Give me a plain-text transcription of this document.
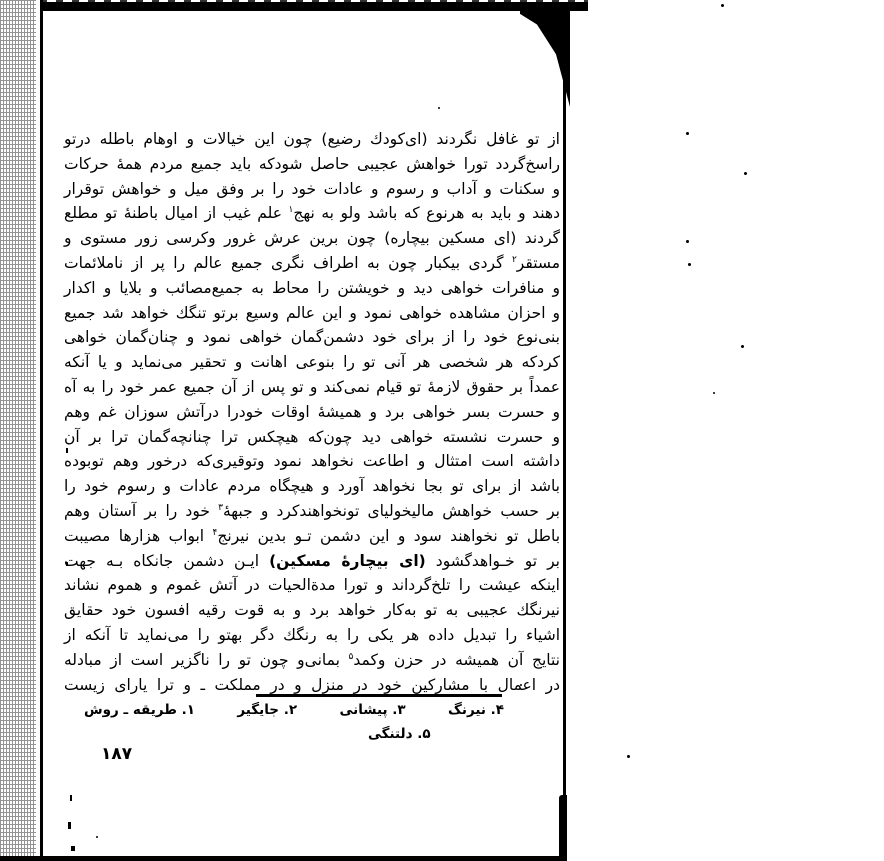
از تو غافل نگردند (ای‌کودك رضیع) چون این خیالات و اوهام باطله درتو
راسخ‌گردد تورا خواهش عجیبی حاصل شودکه باید جمیع مردم همهٔ حرکات
و سکنات و آداب و رسوم و عادات خود را بر وفق میل و خواهش توقرار
دهند و باید به هرنوع که باشد ولو به نهج$^۱$ علم غیب از امیال باطنهٔ تو مطلع
گردند (ای مسکین بیچاره) چون برین عرش غرور وکرسی زور مستوی و
مستقر$^۲$ گردی بیکبار چون به اطراف نگری جمیع عالم را پر از ناملائمات
و منافرات خواهی دید و خویشتن را محاط به جمیع‌مصائب و بلایا و اکدار
و احزان مشاهده خواهی نمود و این عالم وسیع برتو تنگك خواهد شد جمیع
بنی‌نوع خود را از برای خود دشمن‌گمان خواهی نمود و چنان‌گمان خواهی
کردکه هر شخصی هر آنی تو را بنوعی اهانت و تحقیر می‌نماید و یا آنکه
عمداً بر حقوق لازمهٔ تو قیام نمی‌کند و تو پس از آن جمیع عمر خود را به آه
و حسرت بسر خواهی برد و همیشهٔ اوقات خودرا درآتش سوزان غم وهم
و حسرت نشسته خواهی دید چون‌که هیچکس ترا چنانچه‌گمان ترا بر آن
داشته است امتثال و اطاعت نخواهد نمود وتوقیری‌که درخور وهم توبوده
باشد از برای تو بجا نخواهد آورد و هیچگاه مردم عادات و رسوم خود را
بر حسب خواهش مالیخولیای تونخواهندکرد و جبههٔ$^۳$ خود را بر آستان وهم
باطل تو نخواهند سود و این دشمن تـو بدین نیرنج$^۴$ ابواب هزارها مصیبت
بر تو خـواهدگشود (ای بیچارهٔ مسکین) ایـن دشمن جانکاه بـه جهت
اینکه عیشت را تلخ‌گرداند و تورا مدة‌الحیات در آتش غموم و هموم نشاند
نیرنگك عجیبی به تو به‌کار خواهد برد و به قوت رقیه افسون خود حقایق
اشیاء را تبدیل داده هر یکی را به رنگك دگر بهتو را می‌نماید تا آنکه از
نتایج آن همیشه در حزن وکمد$^۵$ بمانی‌و چون تو را ناگزیر است از مبادله
در اعمال با مشارکین خود در منزل و در مملکت ـ و ترا یارای زیست
۱. طریقه ـ روش	۲. جایگیر	۳. پیشانی	۴. نیرنگ
۵. دلتنگی
۱۸۷
